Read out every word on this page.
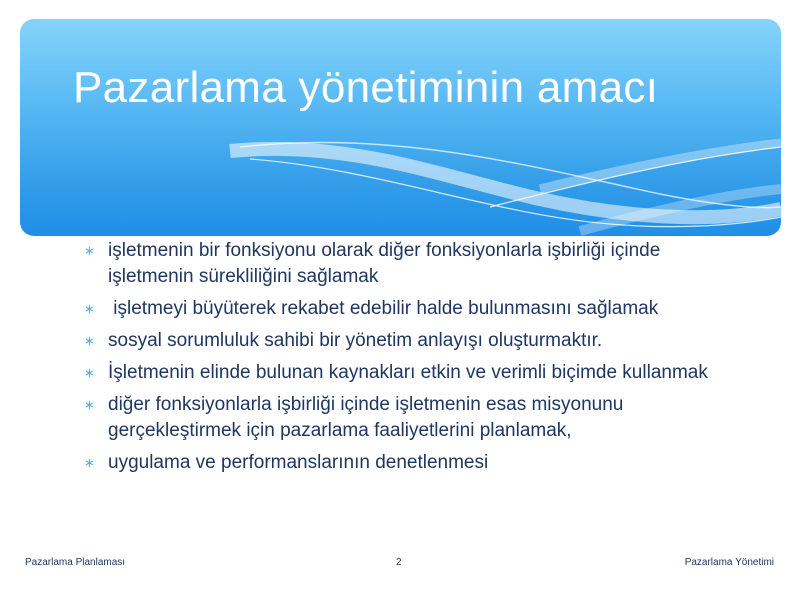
Pazarlama yönetiminin amacı
∗ işletmenin bir fonksiyonu olarak diğer fonksiyonlarla işbirliği içinde işletmenin sürekliliğini sağlamak
∗ işletmeyi büyüterek rekabet edebilir halde bulunmasını sağlamak
∗ sosyal sorumluluk sahibi bir yönetim anlayışı oluşturmaktır.
∗ İşletmenin elinde bulunan kaynakları etkin ve verimli biçimde kullanmak
∗ diğer fonksiyonlarla işbirliği içinde işletmenin esas misyonunu gerçekleştirmek için pazarlama faaliyetlerini planlamak,
∗ uygulama ve performanslarının denetlenmesi
Pazarlama Planlaması	2	Pazarlama Yönetimi
